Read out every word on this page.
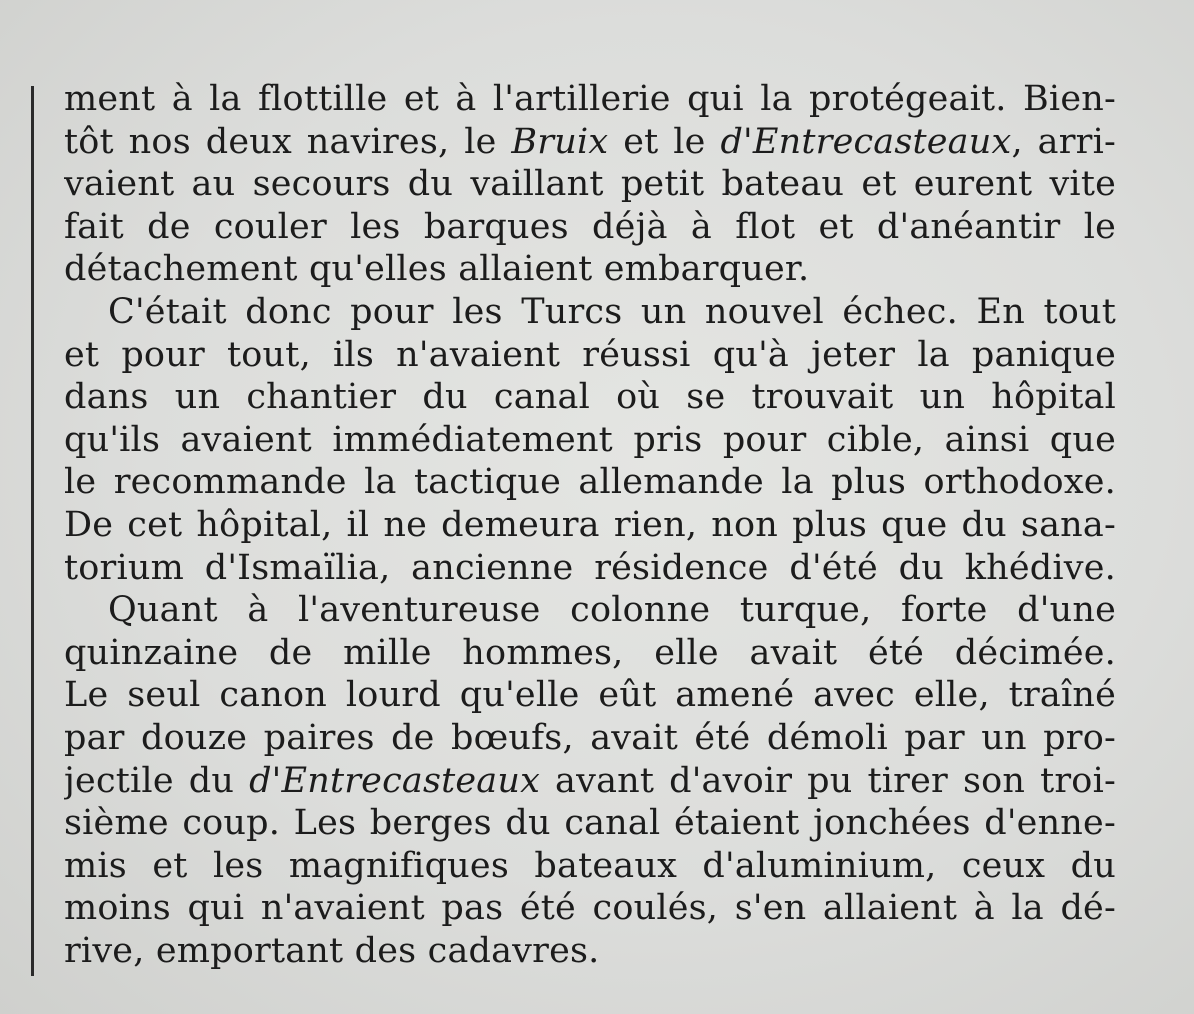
ment à la flottille et à l'artillerie qui la protégeait. Bien-
tôt nos deux navires, le Bruix et le d'Entrecasteaux, arri-
vaient au secours du vaillant petit bateau et eurent vite
fait de couler les barques déjà à flot et d'anéantir le
détachement qu'elles allaient embarquer.
C'était donc pour les Turcs un nouvel échec. En tout
et pour tout, ils n'avaient réussi qu'à jeter la panique
dans un chantier du canal où se trouvait un hôpital
qu'ils avaient immédiatement pris pour cible, ainsi que
le recommande la tactique allemande la plus orthodoxe.
De cet hôpital, il ne demeura rien, non plus que du sana-
torium d'Ismaïlia, ancienne résidence d'été du khédive.
Quant à l'aventureuse colonne turque, forte d'une
quinzaine de mille hommes, elle avait été décimée.
Le seul canon lourd qu'elle eût amené avec elle, traîné
par douze paires de bœufs, avait été démoli par un pro-
jectile du d'Entrecasteaux avant d'avoir pu tirer son troi-
sième coup. Les berges du canal étaient jonchées d'enne-
mis et les magnifiques bateaux d'aluminium, ceux du
moins qui n'avaient pas été coulés, s'en allaient à la dé-
rive, emportant des cadavres.
